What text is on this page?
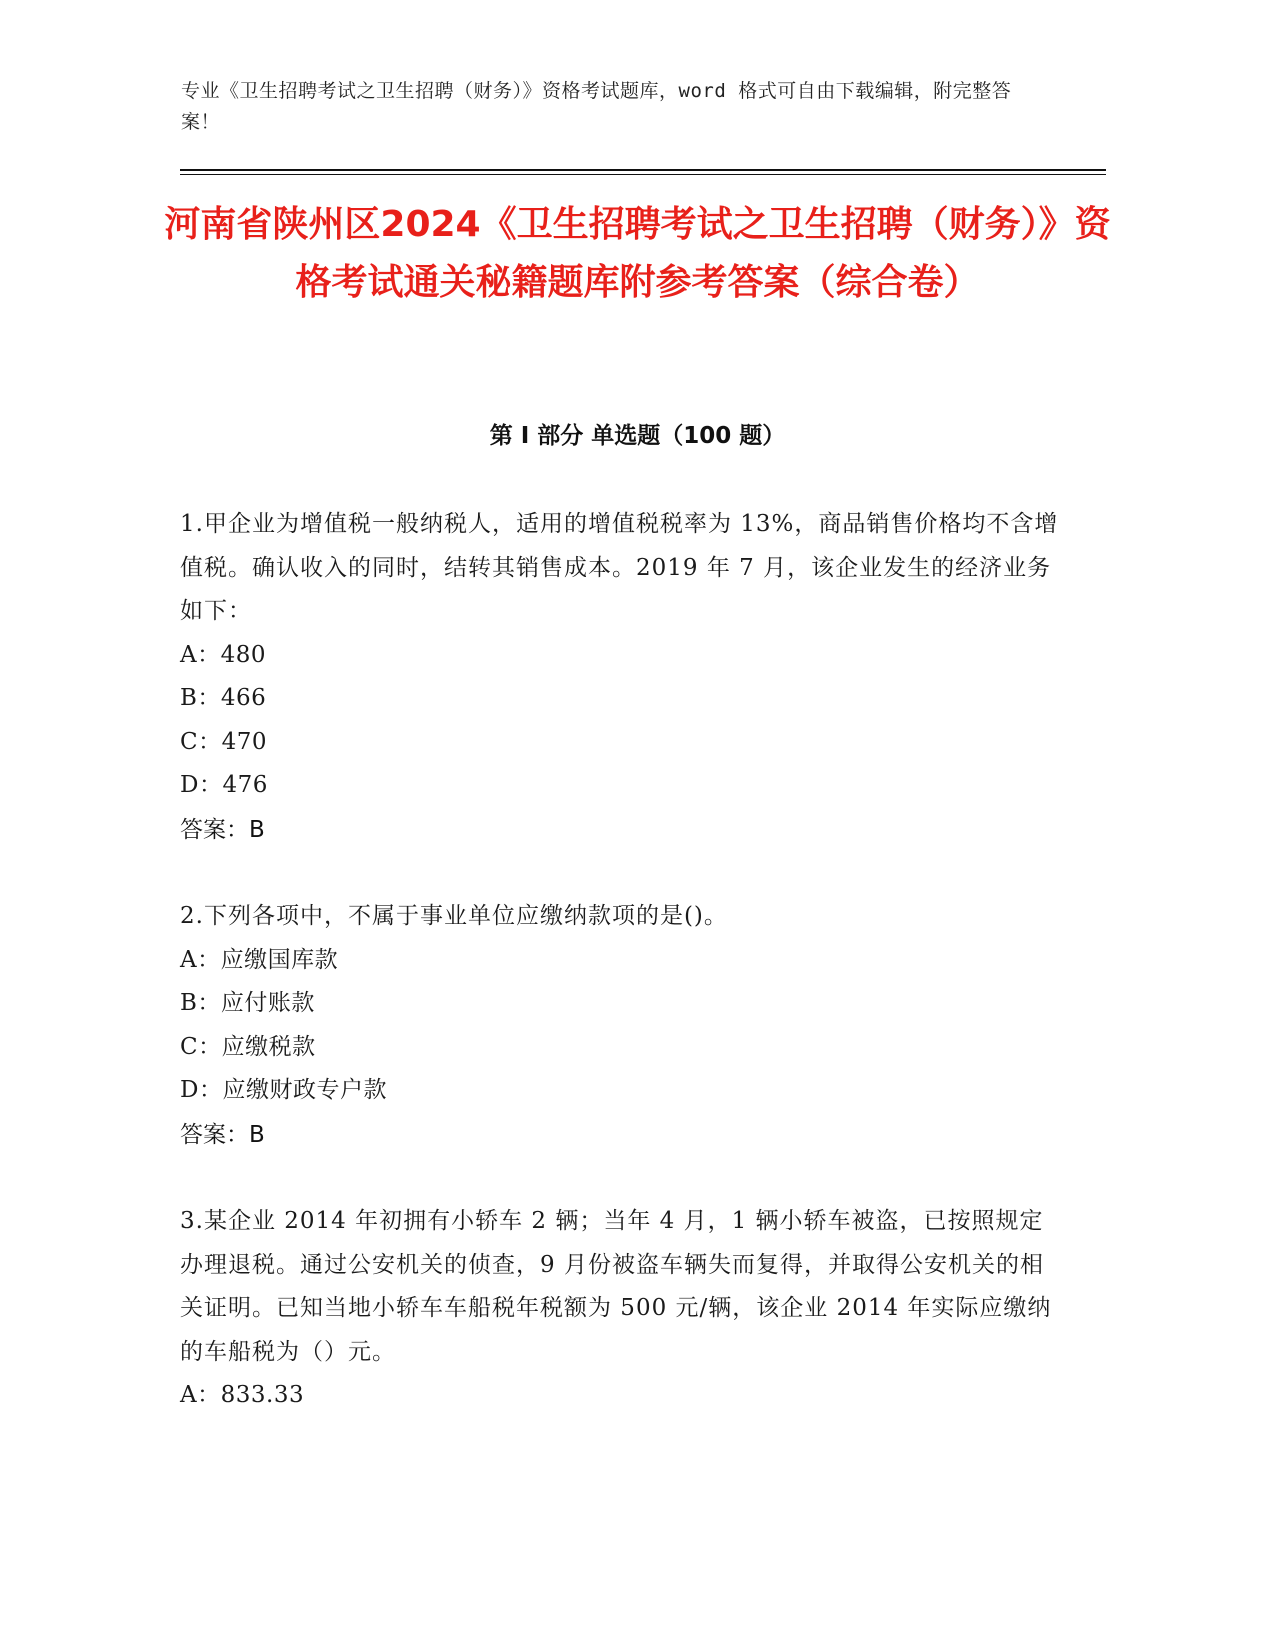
专业《卫生招聘考试之卫生招聘（财务）》资格考试题库，word 格式可自由下载编辑，附完整答案！
河南省陕州区2024《卫生招聘考试之卫生招聘（财务）》资格考试通关秘籍题库附参考答案（综合卷）
第 I 部分 单选题（100 题）
1.甲企业为增值税一般纳税人，适用的增值税税率为 13%，商品销售价格均不含增值税。确认收入的同时，结转其销售成本。2019 年 7 月，该企业发生的经济业务如下：
A：480
B：466
C：470
D：476
答案：B
2.下列各项中，不属于事业单位应缴纳款项的是()。
A：应缴国库款
B：应付账款
C：应缴税款
D：应缴财政专户款
答案：B
3.某企业 2014 年初拥有小轿车 2 辆；当年 4 月，1 辆小轿车被盗，已按照规定办理退税。通过公安机关的侦查，9 月份被盗车辆失而复得，并取得公安机关的相关证明。已知当地小轿车车船税年税额为 500 元/辆，该企业 2014 年实际应缴纳的车船税为（）元。
A：833.33
